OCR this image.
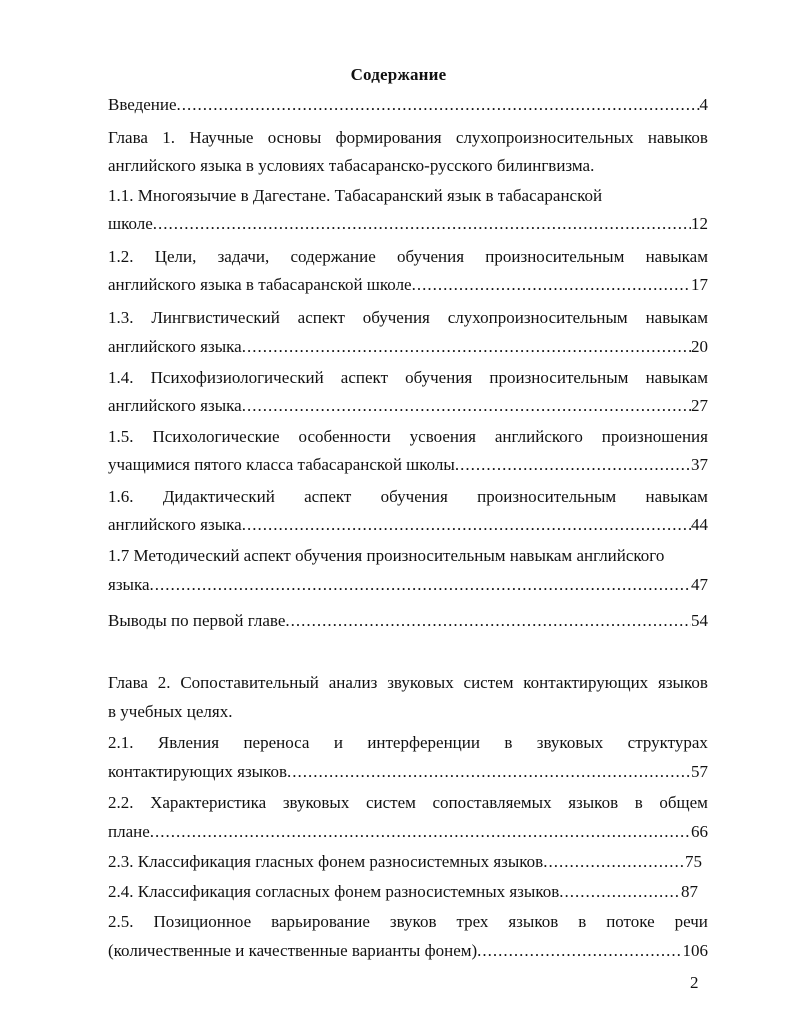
Содержание
Введение .....	4
Глава 1. Научные основы формирования слухопроизносительных навыков
английского языка в условиях табасаранско-русского билингвизма.
1.1. Многоязычие в Дагестане. Табасаранский язык в табасаранской
школе .....	12
1.2. Цели, задачи, содержание обучения произносительным навыкам
английского языка в табасаранской школе .....	17
1.3. Лингвистический аспект обучения слухопроизносительным навыкам
английского языка .....	20
1.4. Психофизиологический аспект обучения произносительным навыкам
английского языка .....	27
1.5. Психологические особенности усвоения английского произношения
учащимися пятого класса табасаранской школы .....	37
1.6. Дидактический аспект обучения произносительным навыкам
английского языка .....	44
1.7 Методический аспект обучения произносительным навыкам английского
языка .....	47
Выводы по первой главе .....	54
Глава 2. Сопоставительный анализ звуковых систем контактирующих языков
в учебных целях.
2.1. Явления переноса и интерференции в звуковых структурах
контактирующих языков .....	57
2.2. Характеристика звуковых систем сопоставляемых языков в общем
плане .....	66
2.3. Классификация гласных фонем разносистемных языков .....	75
2.4. Классификация согласных фонем разносистемных языков .....	87
2.5. Позиционное варьирование звуков трех языков в потоке речи
(количественные и качественные варианты фонем) .....	106
2
